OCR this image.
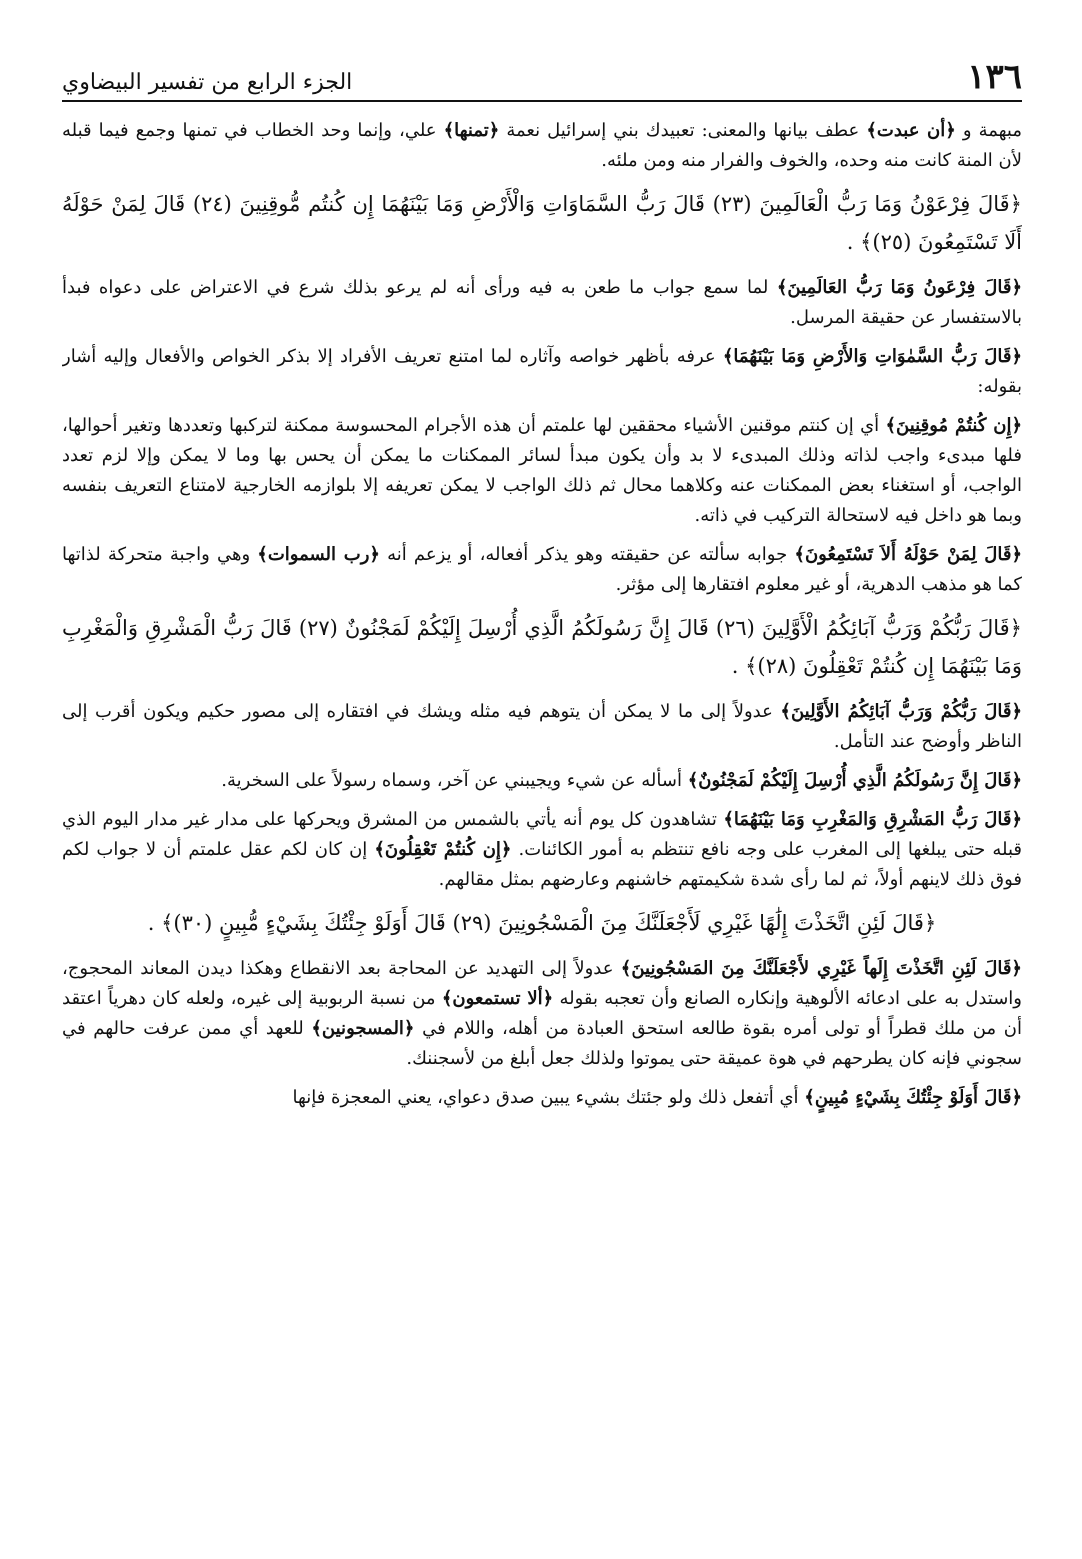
١٣٦
الجزء الرابع من تفسير البيضاوي

مبهمة و ﴿أن عبدت﴾ عطف بيانها والمعنى: تعبيدك بني إسرائيل نعمة ﴿تمنها﴾ علي، وإنما وحد الخطاب في تمنها وجمع فيما قبله لأن المنة كانت منه وحده، والخوف والفرار منه ومن ملئه.

﴿قَالَ فِرْعَوْنُ وَمَا رَبُّ الْعَالَمِينَ (٢٣) قَالَ رَبُّ السَّمَاوَاتِ وَالْأَرْضِ وَمَا بَيْنَهُمَا إِن كُنتُم مُّوقِنِينَ (٢٤) قَالَ لِمَنْ حَوْلَهُ أَلَا تَسْتَمِعُونَ (٢٥)﴾ .

﴿قَالَ فِرْعَونُ وَمَا رَبُّ العَالَمِينَ﴾ لما سمع جواب ما طعن به فيه ورأى أنه لم يرعو بذلك شرع في الاعتراض على دعواه فبدأ بالاستفسار عن حقيقة المرسل.

﴿قَالَ رَبُّ السَّمٰوَاتِ وَالأَرْضِ وَمَا بَيْنَهُمَا﴾ عرفه بأظهر خواصه وآثاره لما امتنع تعريف الأفراد إلا بذكر الخواص والأفعال وإليه أشار بقوله:

﴿إِن كُنتُمْ مُوقِنِينَ﴾ أي إن كنتم موقنين الأشياء محققين لها علمتم أن هذه الأجرام المحسوسة ممكنة لتركبها وتعددها وتغير أحوالها، فلها مبدىء واجب لذاته وذلك المبدىء لا بد وأن يكون مبدأ لسائر الممكنات ما يمكن أن يحس بها وما لا يمكن وإلا لزم تعدد الواجب، أو استغناء بعض الممكنات عنه وكلاهما محال ثم ذلك الواجب لا يمكن تعريفه إلا بلوازمه الخارجية لامتناع التعريف بنفسه وبما هو داخل فيه لاستحالة التركيب في ذاته.

﴿قَالَ لِمَنْ حَوْلَهُ أَلاَ تَسْتَمِعُونَ﴾ جوابه سألته عن حقيقته وهو يذكر أفعاله، أو يزعم أنه ﴿رب السموات﴾ وهي واجبة متحركة لذاتها كما هو مذهب الدهرية، أو غير معلوم افتقارها إلى مؤثر.

﴿قَالَ رَبُّكُمْ وَرَبُّ آبَائِكُمُ الْأَوَّلِينَ (٢٦) قَالَ إِنَّ رَسُولَكُمُ الَّذِي أُرْسِلَ إِلَيْكُمْ لَمَجْنُونٌ (٢٧) قَالَ رَبُّ الْمَشْرِقِ وَالْمَغْرِبِ وَمَا بَيْنَهُمَا إِن كُنتُمْ تَعْقِلُونَ (٢٨)﴾ .

﴿قَالَ رَبُّكُمْ وَرَبُّ آبَائِكُمُ الأَوَّلِينَ﴾ عدولاً إلى ما لا يمكن أن يتوهم فيه مثله ويشك في افتقاره إلى مصور حكيم ويكون أقرب إلى الناظر وأوضح عند التأمل.

﴿قَالَ إِنَّ رَسُولَكُمُ الَّذِي أُرْسِلَ إِلَيْكُمْ لَمَجْنُونٌ﴾ أسأله عن شيء ويجيبني عن آخر، وسماه رسولاً على السخرية.

﴿قَالَ رَبُّ المَشْرِقِ وَالمَغْرِبِ وَمَا بَيْنَهُمَا﴾ تشاهدون كل يوم أنه يأتي بالشمس من المشرق ويحركها على مدار غير مدار اليوم الذي قبله حتى يبلغها إلى المغرب على وجه نافع تنتظم به أمور الكائنات. ﴿إِن كُنتُمْ تَعْقِلُونَ﴾ إن كان لكم عقل علمتم أن لا جواب لكم فوق ذلك لاينهم أولاً، ثم لما رأى شدة شكيمتهم خاشنهم وعارضهم بمثل مقالهم.

﴿قَالَ لَئِنِ اتَّخَذْتَ إِلَٰهًا غَيْرِي لَأَجْعَلَنَّكَ مِنَ الْمَسْجُونِينَ (٢٩) قَالَ أَوَلَوْ جِئْتُكَ بِشَيْءٍ مُّبِينٍ (٣٠)﴾ .

﴿قَالَ لَئِنِ اتَّخَذْتَ إِلَهاً غَيْرِي لأَجْعَلَنَّكَ مِنَ المَسْجُونِينَ﴾ عدولاً إلى التهديد عن المحاجة بعد الانقطاع وهكذا ديدن المعاند المحجوج، واستدل به على ادعائه الألوهية وإنكاره الصانع وأن تعجبه بقوله ﴿ألا تستمعون﴾ من نسبة الربوبية إلى غيره، ولعله كان دهرياً اعتقد أن من ملك قطراً أو تولى أمره بقوة طالعه استحق العبادة من أهله، واللام في ﴿المسجونين﴾ للعهد أي ممن عرفت حالهم في سجوني فإنه كان يطرحهم في هوة عميقة حتى يموتوا ولذلك جعل أبلغ من لأسجننك.

﴿قَالَ أَوَلَوْ جِئْتُكَ بِشَيْءٍ مُبِينٍ﴾ أي أتفعل ذلك ولو جئتك بشيء يبين صدق دعواي، يعني المعجزة فإنها
